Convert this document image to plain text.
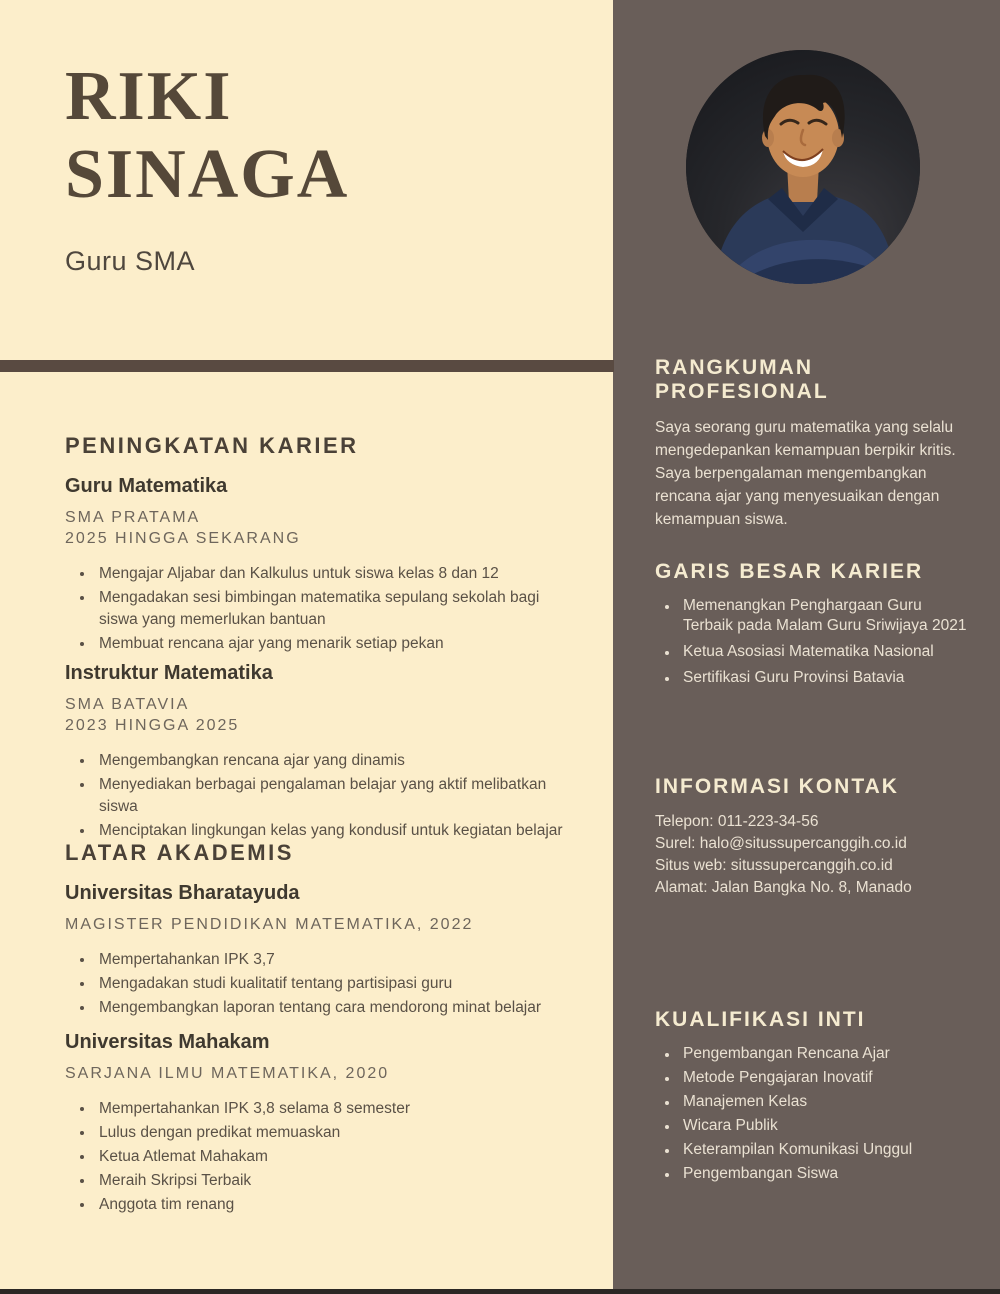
RIKI
SINAGA

Guru SMA

PENINGKATAN KARIER
Guru Matematika

SMA PRATAMA

2025 HINGGA SEKARANG

• Mengajar Aljabar dan Kalkulus untuk siswa kelas 8 dan 12
• Mengadakan sesi bimbingan matematika sepulang sekolah bagi siswa yang memerlukan bantuan
• Membuat rencana ajar yang menarik setiap pekan
Instruktur Matematika

SMA BATAVIA

2023 HINGGA 2025

• Mengembangkan rencana ajar yang dinamis
• Menyediakan berbagai pengalaman belajar yang aktif melibatkan siswa
• Menciptakan lingkungan kelas yang kondusif untuk kegiatan belajar
LATAR AKADEMIS
Universitas Bharatayuda

MAGISTER PENDIDIKAN MATEMATIKA, 2022

• Mempertahankan IPK 3,7
• Mengadakan studi kualitatif tentang partisipasi guru
• Mengembangkan laporan tentang cara mendorong minat belajar
Universitas Mahakam

SARJANA ILMU MATEMATIKA, 2020

• Mempertahankan IPK 3,8 selama 8 semester
• Lulus dengan predikat memuaskan
• Ketua Atlemat Mahakam
• Meraih Skripsi Terbaik
• Anggota tim renang
RANGKUMAN PROFESIONAL

Saya seorang guru matematika yang selalu mengedepankan kemampuan berpikir kritis. Saya berpengalaman mengembangkan rencana ajar yang menyesuaikan dengan kemampuan siswa.

GARIS BESAR KARIER
• Memenangkan Penghargaan Guru Terbaik pada Malam Guru Sriwijaya 2021
• Ketua Asosiasi Matematika Nasional
• Sertifikasi Guru Provinsi Batavia
INFORMASI KONTAK
Telepon: 011-223-34-56
Surel: halo@situssupercanggih.co.id
Situs web: situssupercanggih.co.id
Alamat: Jalan Bangka No. 8, Manado
KUALIFIKASI INTI
• Pengembangan Rencana Ajar
• Metode Pengajaran Inovatif
• Manajemen Kelas
• Wicara Publik
• Keterampilan Komunikasi Unggul
• Pengembangan Siswa
